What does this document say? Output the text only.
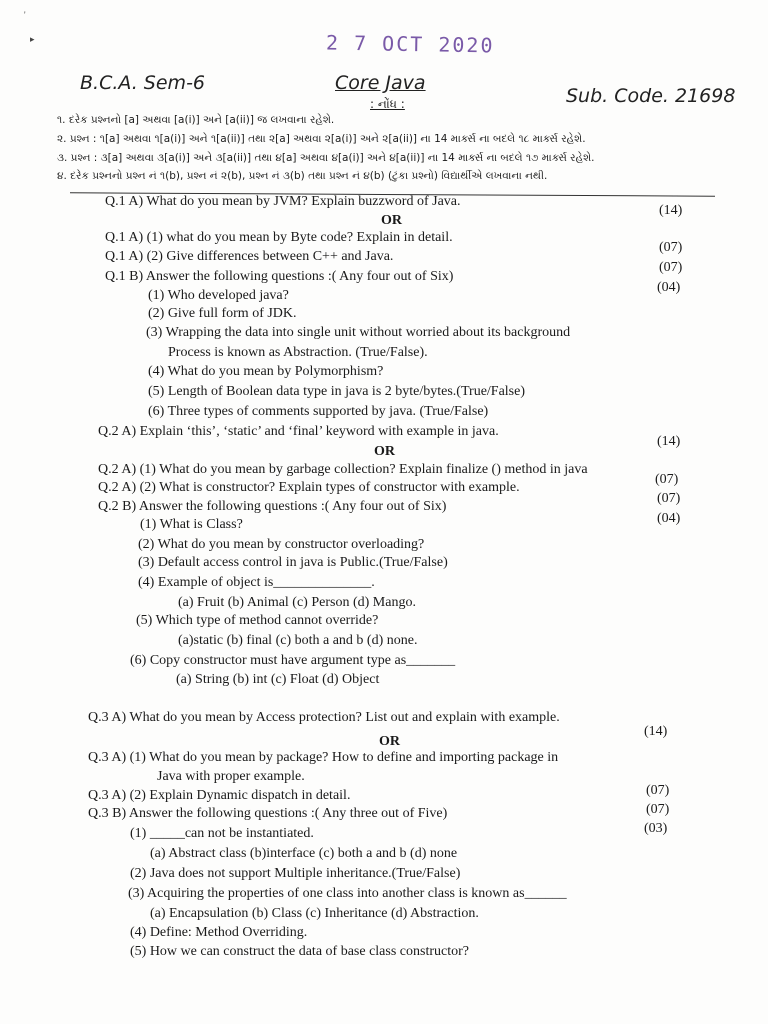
'
▸	2 7 OCT 2020
B.C.A. Sem-6	Core Java
Sub. Code. 21698
: નોંધ :
૧. દરેક પ્રશ્નનો [a] અથવા [a(i)] અને [a(ii)] જ લખવાના રહેશે.
૨. પ્રશ્ન : ૧[a] અથવા ૧[a(i)] અને ૧[a(ii)] તથા ૨[a] અથવા ૨[a(i)] અને ૨[a(ii)] ના 14 માર્ક્સ ના બદલે ૧૮ માર્ક્સ રહેશે.
૩. પ્રશ્ન : ૩[a] અથવા ૩[a(i)] અને ૩[a(ii)] તથા ૪[a] અથવા ૪[a(i)] અને ૪[a(ii)] ના 14 માર્ક્સ ના બદલે ૧૭ માર્ક્સ રહેશે.
૪. દરેક પ્રશ્નનો પ્રશ્ન નં ૧(b), પ્રશ્ન નં ૨(b), પ્રશ્ન નં ૩(b) તથા પ્રશ્ન નં ૪(b) (ટુંકા પ્રશ્નો) વિદ્યાર્થીએ લખવાના નથી.
Q.1 A) What do you mean by JVM? Explain buzzword of Java.
(14)
OR
Q.1 A) (1) what do you mean by Byte code? Explain in detail.
(07)
Q.1 A) (2) Give differences between C++ and Java.
(07)
Q.1 B) Answer the following questions :( Any four out of Six)
(04)
(1) Who developed java?
(2) Give full form of JDK.
(3) Wrapping the data into single unit without worried about its background
Process is known as Abstraction. (True/False).
(4) What do you mean by Polymorphism?
(5) Length of Boolean data type in java is 2 byte/bytes.(True/False)
(6) Three types of comments supported by java. (True/False)
Q.2 A) Explain ‘this’, ‘static’ and ‘final’ keyword with example in java.
(14)
OR
Q.2 A) (1) What do you mean by garbage collection? Explain finalize () method in java
(07)
Q.2 A) (2) What is constructor? Explain types of constructor with example.
(07)
Q.2 B) Answer the following questions :( Any four out of Six)
(04)
(1) What is Class?
(2) What do you mean by constructor overloading?
(3) Default access control in java is Public.(True/False)
(4) Example of object is______________.
(a) Fruit (b) Animal (c) Person (d) Mango.
(5) Which type of method cannot override?
(a)static (b) final (c) both a and b (d) none.
(6) Copy constructor must have argument type as_______
(a) String (b) int (c) Float (d) Object
Q.3 A) What do you mean by Access protection? List out and explain with example.
(14)
OR
Q.3 A) (1) What do you mean by package? How to define and importing package in
Java with proper example.
(07)
Q.3 A) (2) Explain Dynamic dispatch in detail.
(07)
Q.3 B) Answer the following questions :( Any three out of Five)
(03)
(1) _____can not be instantiated.
(a) Abstract class (b)interface (c) both a and b (d) none
(2) Java does not support Multiple inheritance.(True/False)
(3) Acquiring the properties of one class into another class is known as______
(a) Encapsulation (b) Class (c) Inheritance (d) Abstraction.
(4) Define: Method Overriding.
(5) How we can construct the data of base class constructor?
